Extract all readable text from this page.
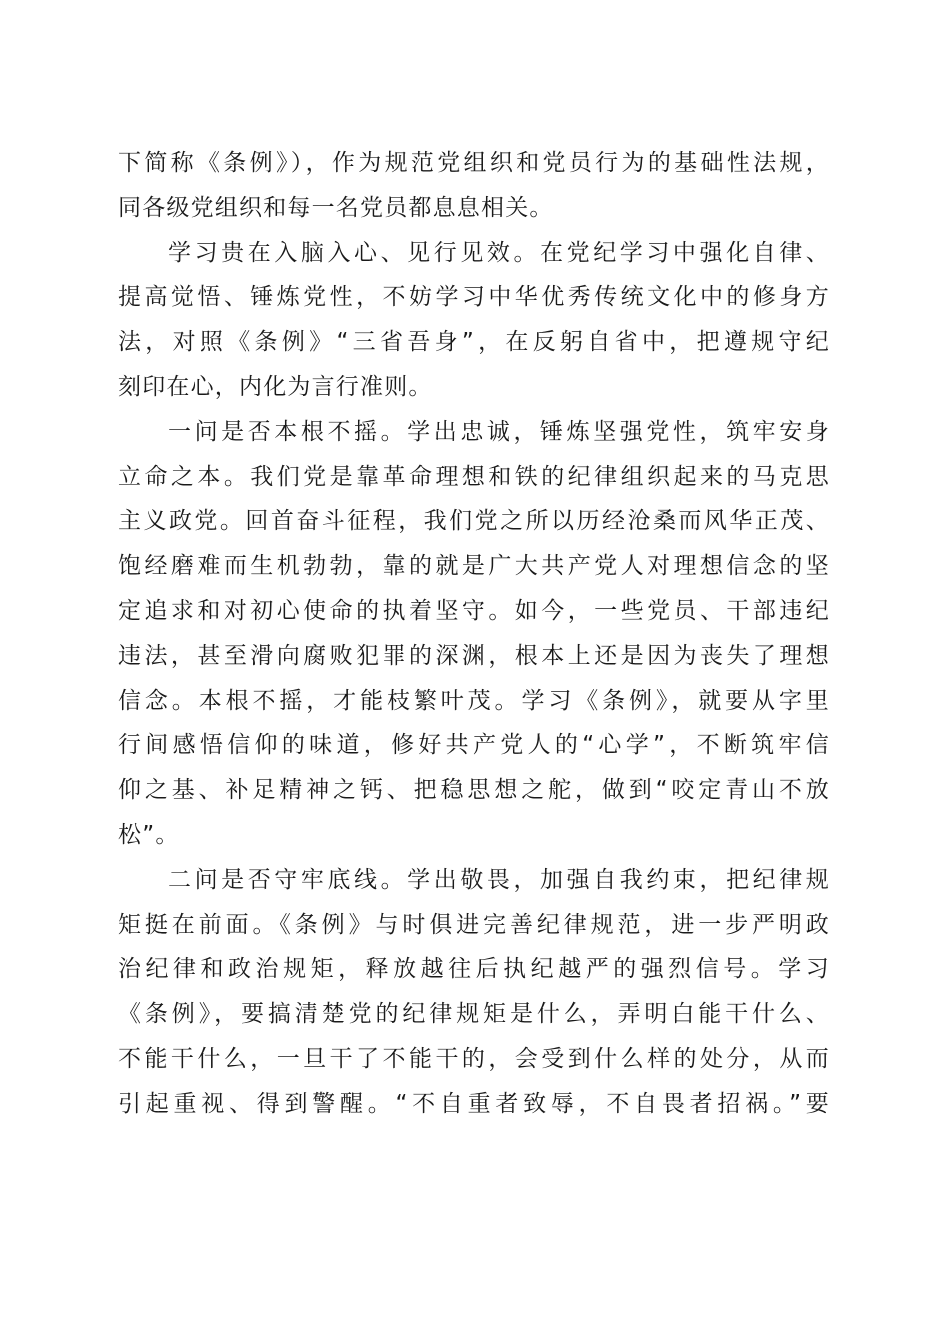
下简称《条例》），作为规范党组织和党员行为的基础性法规，
同各级党组织和每一名党员都息息相关。
学习贵在入脑入心、见行见效。在党纪学习中强化自律、
提高觉悟、锤炼党性，不妨学习中华优秀传统文化中的修身方
法，对照《条例》“三省吾身”，在反躬自省中，把遵规守纪
刻印在心，内化为言行准则。
一问是否本根不摇。学出忠诚，锤炼坚强党性，筑牢安身
立命之本。我们党是靠革命理想和铁的纪律组织起来的马克思
主义政党。回首奋斗征程，我们党之所以历经沧桑而风华正茂、
饱经磨难而生机勃勃，靠的就是广大共产党人对理想信念的坚
定追求和对初心使命的执着坚守。如今，一些党员、干部违纪
违法，甚至滑向腐败犯罪的深渊，根本上还是因为丧失了理想
信念。本根不摇，才能枝繁叶茂。学习《条例》，就要从字里
行间感悟信仰的味道，修好共产党人的“心学”，不断筑牢信
仰之基、补足精神之钙、把稳思想之舵，做到“咬定青山不放
松”。
二问是否守牢底线。学出敬畏，加强自我约束，把纪律规
矩挺在前面。《条例》与时俱进完善纪律规范，进一步严明政
治纪律和政治规矩，释放越往后执纪越严的强烈信号。学习
《条例》，要搞清楚党的纪律规矩是什么，弄明白能干什么、
不能干什么，一旦干了不能干的，会受到什么样的处分，从而
引起重视、得到警醒。“不自重者致辱，不自畏者招祸。”要
